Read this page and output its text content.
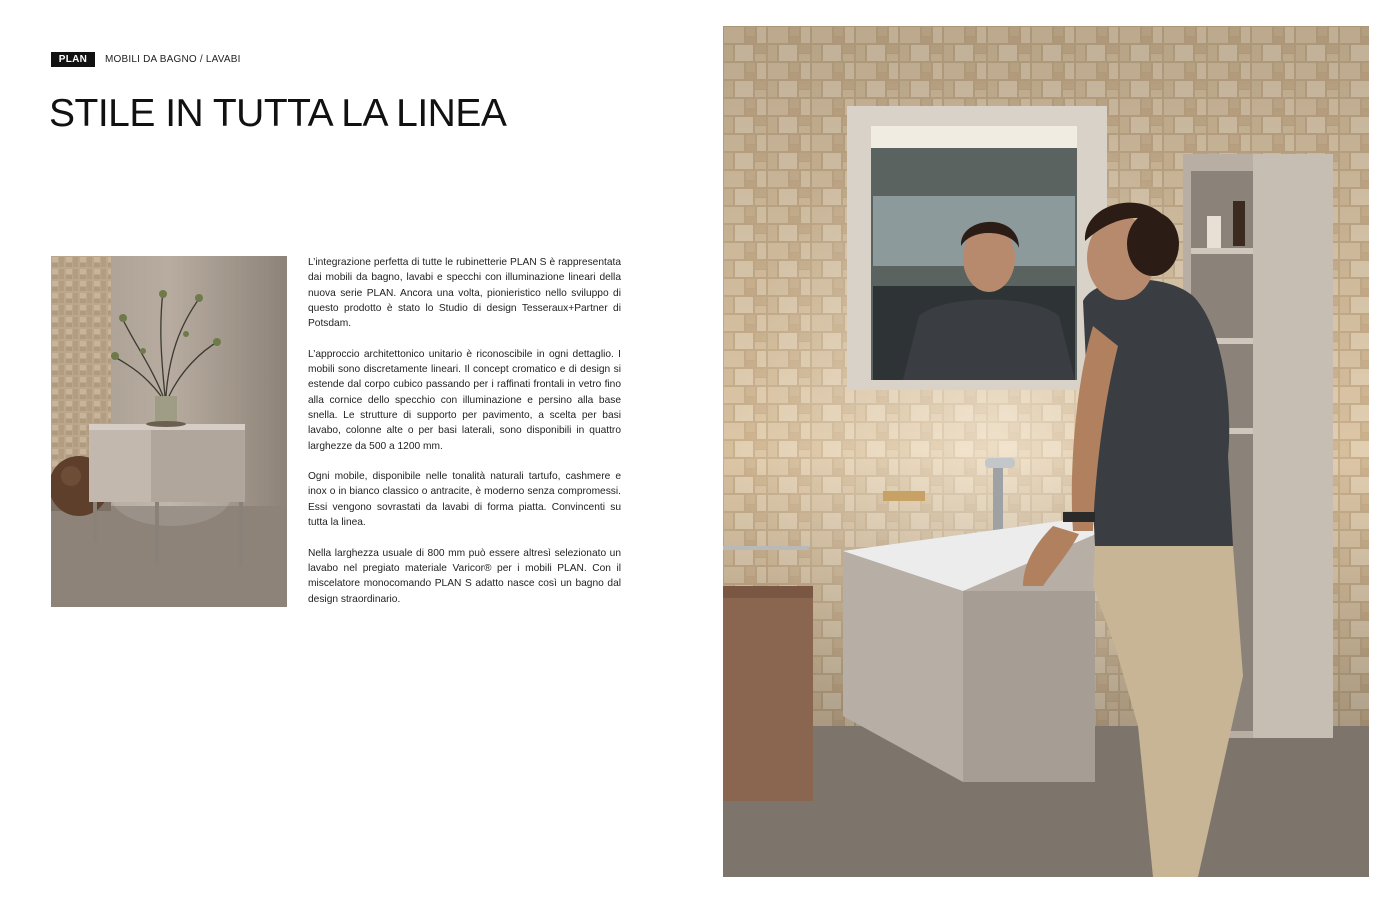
PLAN	MOBILI DA BAGNO / LAVABI
STILE IN TUTTA LA LINEA

L’integrazione perfetta di tutte le rubinetterie PLAN S è rappresentata dai mobili da bagno, lavabi e specchi con illuminazione lineari della nuova serie PLAN. Ancora una volta, pionieristico nello sviluppo di questo prodotto è stato lo Studio di design Tesseraux+Partner di Potsdam.

L’approccio architettonico unitario è riconoscibile in ogni dettaglio. I mobili sono discretamente lineari. Il concept cromatico e di design si estende dal corpo cubico passando per i raffinati frontali in vetro fino alla cornice dello specchio con illuminazione e persino alla base snella. Le strutture di supporto per pavimento, a scelta per basi lavabo, colonne alte o per basi laterali, sono disponibili in quattro larghezze da 500 a 1200 mm.

Ogni mobile, disponibile nelle tonalità naturali tartufo, cashmere e inox o in bianco classico o antracite, è moderno senza compromessi. Essi vengono sovrastati da lavabi di forma piatta. Convincenti su tutta la linea.

Nella larghezza usuale di 800 mm può essere altresì selezionato un lavabo nel pregiato materiale Varicor® per i mobili PLAN. Con il miscelatore monocomando PLAN S adatto nasce così un bagno dal design straordinario.
